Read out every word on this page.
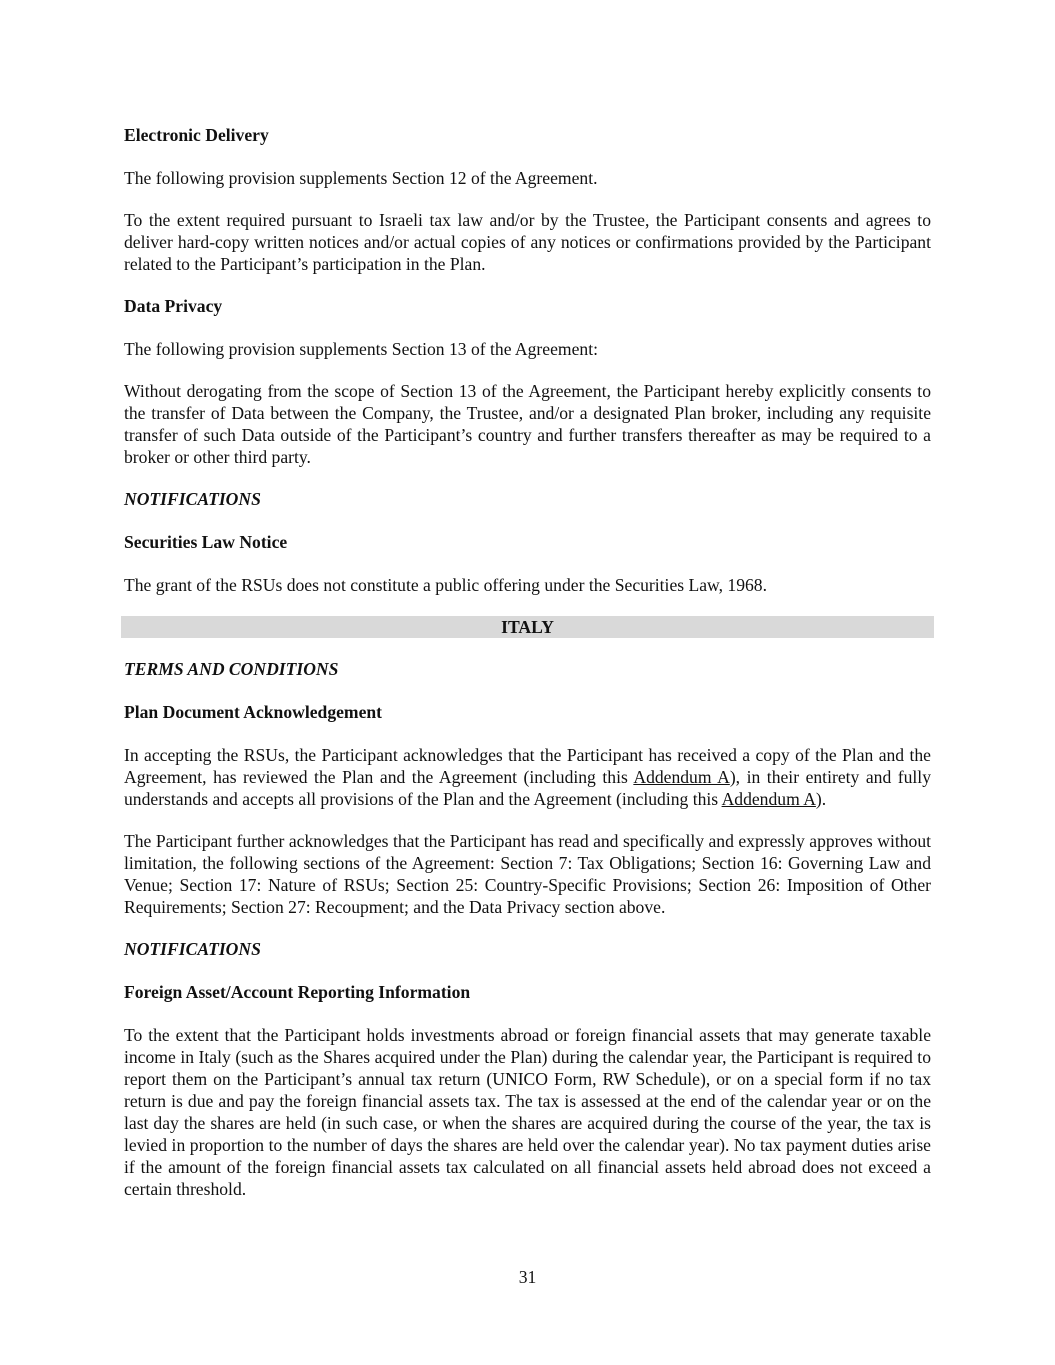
Electronic Delivery
The following provision supplements Section 12 of the Agreement.
To the extent required pursuant to Israeli tax law and/or by the Trustee, the Participant consents and agrees to deliver hard-copy written notices and/or actual copies of any notices or confirmations provided by the Participant related to the Participant’s participation in the Plan.
Data Privacy
The following provision supplements Section 13 of the Agreement:
Without derogating from the scope of Section 13 of the Agreement, the Participant hereby explicitly consents to the transfer of Data between the Company, the Trustee, and/or a designated Plan broker, including any requisite transfer of such Data outside of the Participant’s country and further transfers thereafter as may be required to a broker or other third party.
NOTIFICATIONS
Securities Law Notice
The grant of the RSUs does not constitute a public offering under the Securities Law, 1968.
ITALY
TERMS AND CONDITIONS
Plan Document Acknowledgement
In accepting the RSUs, the Participant acknowledges that the Participant has received a copy of the Plan and the Agreement, has reviewed the Plan and the Agreement (including this Addendum A), in their entirety and fully understands and accepts all provisions of the Plan and the Agreement (including this Addendum A).
The Participant further acknowledges that the Participant has read and specifically and expressly approves without limitation, the following sections of the Agreement: Section 7: Tax Obligations; Section 16: Governing Law and Venue; Section 17: Nature of RSUs; Section 25: Country-Specific Provisions; Section 26: Imposition of Other Requirements; Section 27: Recoupment; and the Data Privacy section above.
NOTIFICATIONS
Foreign Asset/Account Reporting Information
To the extent that the Participant holds investments abroad or foreign financial assets that may generate taxable income in Italy (such as the Shares acquired under the Plan) during the calendar year, the Participant is required to report them on the Participant’s annual tax return (UNICO Form, RW Schedule), or on a special form if no tax return is due and pay the foreign financial assets tax. The tax is assessed at the end of the calendar year or on the last day the shares are held (in such case, or when the shares are acquired during the course of the year, the tax is levied in proportion to the number of days the shares are held over the calendar year). No tax payment duties arise if the amount of the foreign financial assets tax calculated on all financial assets held abroad does not exceed a certain threshold.
31
